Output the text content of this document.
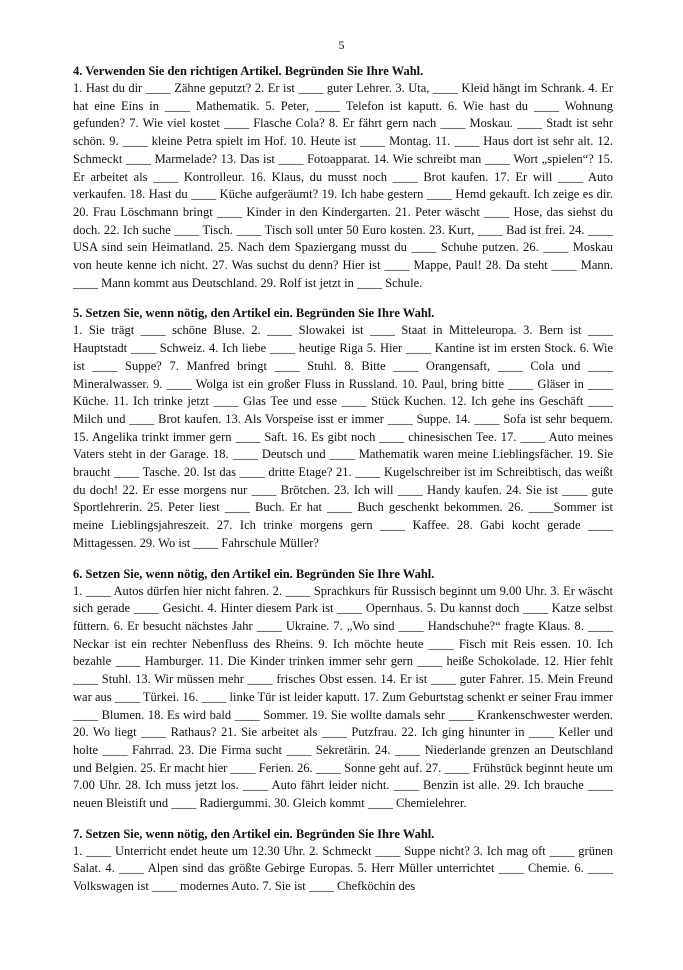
5
4. Verwenden Sie den richtigen Artikel. Begründen Sie Ihre Wahl.

1. Hast du dir ____ Zähne geputzt? 2. Er ist ____ guter Lehrer. 3. Uta, ____ Kleid hängt im Schrank. 4. Er hat eine Eins in ____ Mathematik. 5. Peter, ____ Telefon ist kaputt. 6. Wie hast du ____ Wohnung gefunden? 7. Wie viel kostet ____ Flasche Cola? 8. Er fährt gern nach ____ Moskau. ____ Stadt ist sehr schön. 9. ____ kleine Petra spielt im Hof. 10. Heute ist ____ Montag. 11. ____ Haus dort ist sehr alt. 12. Schmeckt ____ Marmelade? 13. Das ist ____ Fotoapparat. 14. Wie schreibt man ____ Wort „spielen“? 15. Er arbeitet als ____ Kontrolleur. 16. Klaus, du musst noch ____ Brot kaufen. 17. Er will ____ Auto verkaufen. 18. Hast du ____ Küche aufgeräumt? 19. Ich habe gestern ____ Hemd gekauft. Ich zeige es dir. 20. Frau Löschmann bringt ____ Kinder in den Kindergarten. 21. Peter wäscht ____ Hose, das siehst du doch. 22. Ich suche ____ Tisch. ____ Tisch soll unter 50 Euro kosten. 23. Kurt, ____ Bad ist frei. 24. ____ USA sind sein Heimatland. 25. Nach dem Spaziergang musst du ____ Schuhe putzen. 26. ____ Moskau von heute kenne ich nicht. 27. Was suchst du denn? Hier ist ____ Mappe, Paul! 28. Da steht ____ Mann. ____ Mann kommt aus Deutschland. 29. Rolf ist jetzt in ____ Schule.

5. Setzen Sie, wenn nötig, den Artikel ein. Begründen Sie Ihre Wahl.

1. Sie trägt ____ schöne Bluse. 2. ____ Slowakei ist ____ Staat in Mitteleuropa. 3. Bern ist ____ Hauptstadt ____ Schweiz. 4. Ich liebe ____ heutige Riga 5. Hier ____ Kantine ist im ersten Stock. 6. Wie ist ____ Suppe? 7. Manfred bringt ____ Stuhl. 8. Bitte ____ Orangensaft, ____ Cola und ____ Mineralwasser. 9. ____ Wolga ist ein großer Fluss in Russland. 10. Paul, bring bitte ____ Gläser in ____ Küche. 11. Ich trinke jetzt ____ Glas Tee und esse ____ Stück Kuchen. 12. Ich gehe ins Geschäft ____ Milch und ____ Brot kaufen. 13. Als Vorspeise isst er immer ____ Suppe. 14. ____ Sofa ist sehr bequem. 15. Angelika trinkt immer gern ____ Saft. 16. Es gibt noch ____ chinesischen Tee. 17. ____ Auto meines Vaters steht in der Garage. 18. ____ Deutsch und ____ Mathematik waren meine Lieblingsfächer. 19. Sie braucht ____ Tasche. 20. Ist das ____ dritte Etage? 21. ____ Kugelschreiber ist im Schreibtisch, das weißt du doch! 22. Er esse morgens nur ____ Brötchen. 23. Ich will ____ Handy kaufen. 24. Sie ist ____ gute Sportlehrerin. 25. Peter liest ____ Buch. Er hat ____ Buch geschenkt bekommen. 26. ____Sommer ist meine Lieblingsjahreszeit. 27. Ich trinke morgens gern ____ Kaffee. 28. Gabi kocht gerade ____ Mittagessen. 29. Wo ist ____ Fahrschule Müller?

6. Setzen Sie, wenn nötig, den Artikel ein. Begründen Sie Ihre Wahl.

1. ____ Autos dürfen hier nicht fahren. 2. ____ Sprachkurs für Russisch beginnt um 9.00 Uhr. 3. Er wäscht sich gerade ____ Gesicht. 4. Hinter diesem Park ist ____ Opernhaus. 5. Du kannst doch ____ Katze selbst füttern. 6. Er besucht nächstes Jahr ____ Ukraine. 7. „Wo sind ____ Handschuhe?“ fragte Klaus. 8. ____ Neckar ist ein rechter Nebenfluss des Rheins. 9. Ich möchte heute ____ Fisch mit Reis essen. 10. Ich bezahle ____ Hamburger. 11. Die Kinder trinken immer sehr gern ____ heiße Schokolade. 12. Hier fehlt ____ Stuhl. 13. Wir müssen mehr ____ frisches Obst essen. 14. Er ist ____ guter Fahrer. 15. Mein Freund war aus ____ Türkei. 16. ____ linke Tür ist leider kaputt. 17. Zum Geburtstag schenkt er seiner Frau immer ____ Blumen. 18. Es wird bald ____ Sommer. 19. Sie wollte damals sehr ____ Krankenschwester werden. 20. Wo liegt ____ Rathaus? 21. Sie arbeitet als ____ Putzfrau. 22. Ich ging hinunter in ____ Keller und holte ____ Fahrrad. 23. Die Firma sucht ____ Sekretärin. 24. ____ Niederlande grenzen an Deutschland und Belgien. 25. Er macht hier ____ Ferien. 26. ____ Sonne geht auf. 27. ____ Frühstück beginnt heute um 7.00 Uhr. 28. Ich muss jetzt los. ____ Auto fährt leider nicht. ____ Benzin ist alle. 29. Ich brauche ____ neuen Bleistift und ____ Radiergummi. 30. Gleich kommt ____ Chemielehrer.

7. Setzen Sie, wenn nötig, den Artikel ein. Begründen Sie Ihre Wahl.

1. ____ Unterricht endet heute um 12.30 Uhr. 2. Schmeckt ____ Suppe nicht? 3. Ich mag oft ____ grünen Salat. 4. ____ Alpen sind das größte Gebirge Europas. 5. Herr Müller unterrichtet ____ Chemie. 6. ____ Volkswagen ist ____ modernes Auto. 7. Sie ist ____ Chefköchin des
